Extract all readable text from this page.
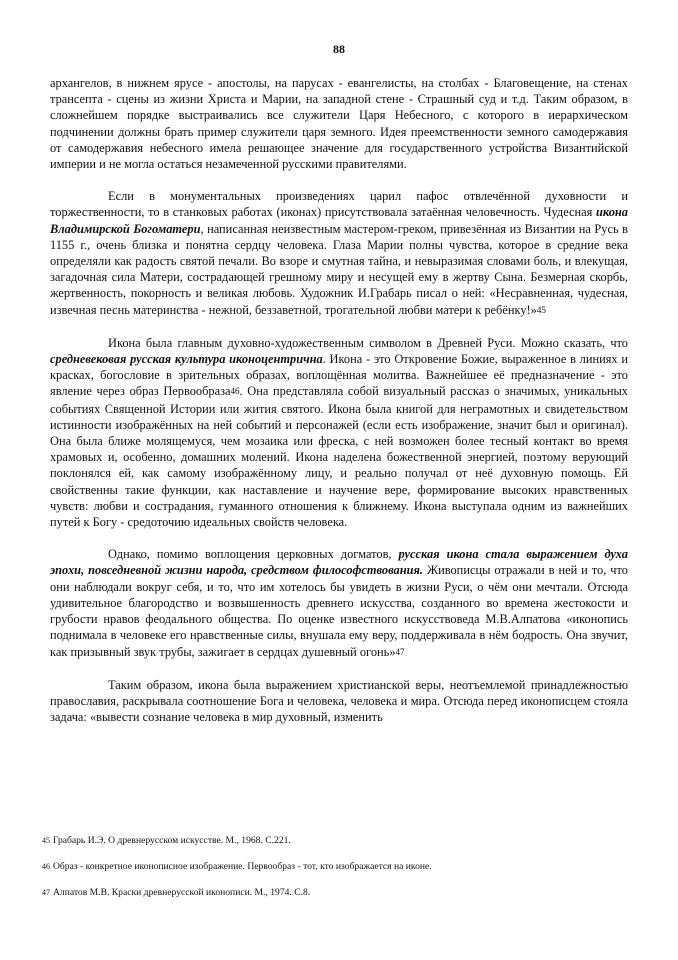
88

архангелов, в нижнем ярусе - апостолы, на парусах - евангелисты, на столбах - Благовещение, на стенах трансепта - сцены из жизни Христа и Марии, на западной стене - Страшный суд и т.д. Таким образом, в сложнейшем порядке выстраивались все служители Царя Небесного, с которого в иерархическом подчинении должны брать пример служители царя земного. Идея преемственности земного самодержавия от самодержавия небесного имела решающее значение для государственного устройства Византийской империи и не могла остаться незамеченной русскими правителями.

Если в монументальных произведениях царил пафос отвлечённой духовности и торжественности, то в станковых работах (иконах) присутствовала затаённая человечность. Чудесная икона Владимирской Богоматери, написанная неизвестным мастером-греком, привезённая из Византии на Русь в 1155 г., очень близка и понятна сердцу человека. Глаза Марии полны чувства, которое в средние века определяли как радость святой печали. Во взоре и смутная тайна, и невыразимая словами боль, и влекущая, загадочная сила Матери, сострадающей грешному миру и несущей ему в жертву Сына. Безмерная скорбь, жертвенность, покорность и великая любовь. Художник И.Грабарь писал о ней: «Несравненная, чудесная, извечная песнь материнства - нежной, беззаветной, трогательной любви матери к ребёнку!»$^{45}$

Икона была главным духовно-художественным символом в Древней Руси. Можно сказать, что средневековая русская культура иконоцентрична. Икона - это Откровение Божие, выраженное в линиях и красках, богословие в зрительных образах, воплощённая молитва. Важнейшее её предназначение - это явление через образ Первообраза$^{46}$. Она представляла собой визуальный рассказ о значимых, уникальных событиях Священной Истории или жития святого. Икона была книгой для неграмотных и свидетельством истинности изображённых на ней событий и персонажей (если есть изображение, значит был и оригинал). Она была ближе молящемуся, чем мозаика или фреска, с ней возможен более тесный контакт во время храмовых и, особенно, домашних молений. Икона наделена божественной энергией, поэтому верующий поклонялся ей, как самому изображённому лицу, и реально получал от неё духовную помощь. Ей свойственны такие функции, как наставление и научение вере, формирование высоких нравственных чувств: любви и сострадания, гуманного отношения к ближнему. Икона выступала одним из важнейших путей к Богу - средоточию идеальных свойств человека.

Однако, помимо воплощения церковных догматов, русская икона стала выражением духа эпохи, повседневной жизни народа, средством философствования. Живописцы отражали в ней и то, что они наблюдали вокруг себя, и то, что им хотелось бы увидеть в жизни Руси, о чём они мечтали. Отсюда удивительное благородство и возвышенность древнего искусства, созданного во времена жестокости и грубости нравов феодального общества. По оценке известного искусствоведа М.В.Алпатова «иконопись поднимала в человеке его нравственные силы, внушала ему веру, поддерживала в нём бодрость. Она звучит, как призывный звук трубы, зажигает в сердцах душевный огонь»$^{47}$

Таким образом, икона была выражением христианской веры, неотъемлемой принадлежностью православия, раскрывала соотношение Бога и человека, человека и мира. Отсюда перед иконописцем стояла задача: «вывести сознание человека в мир духовный, изменить

45 Грабарь И.Э. О древнерусском искусстве. М., 1968. С.221.

46 Образ - конкретное иконописное изображение. Первообраз - тот, кто изображается на иконе.

47 Алпатов М.В. Краски древнерусской иконописи. М., 1974. С.8.
